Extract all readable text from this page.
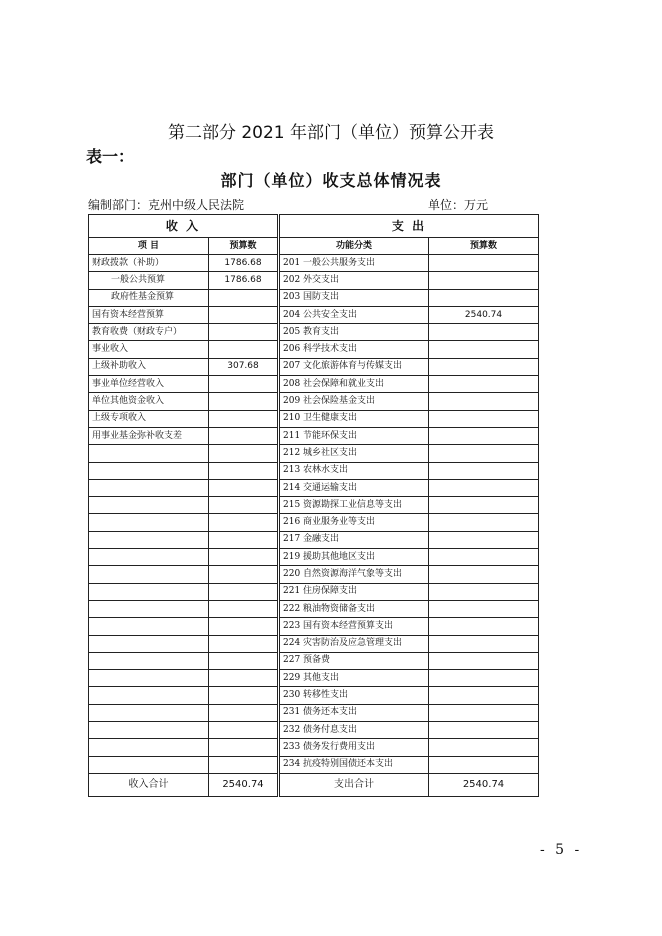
第二部分 2021 年部门（单位）预算公开表
表一：
部门（单位）收支总体情况表
编制部门：克州中级人民法院	单位：万元
收 入		支 出	
项 目	预算数	功能分类	预算数
财政拨款（补助）	1786.68	201 一般公共服务支出	
一般公共预算	1786.68	202 外交支出	
政府性基金预算		203 国防支出	
国有资本经营预算		204 公共安全支出	2540.74
教育收费（财政专户）		205 教育支出	
事业收入		206 科学技术支出	
上级补助收入	307.68	207 文化旅游体育与传媒支出	
事业单位经营收入		208 社会保障和就业支出	
单位其他资金收入		209 社会保险基金支出	
上级专项收入		210 卫生健康支出	
用事业基金弥补收支差		211 节能环保支出	
		212 城乡社区支出	
		213 农林水支出	
		214 交通运输支出	
		215 资源勘探工业信息等支出	
		216 商业服务业等支出	
		217 金融支出	
		219 援助其他地区支出	
		220 自然资源海洋气象等支出	
		221 住房保障支出	
		222 粮油物资储备支出	
		223 国有资本经营预算支出	
		224 灾害防治及应急管理支出	
		227 预备费	
		229 其他支出	
		230 转移性支出	
		231 债务还本支出	
		232 债务付息支出	
		233 债务发行费用支出	
		234 抗疫特别国债还本支出	
收入合计	2540.74	支出合计	2540.74
- 5 -
